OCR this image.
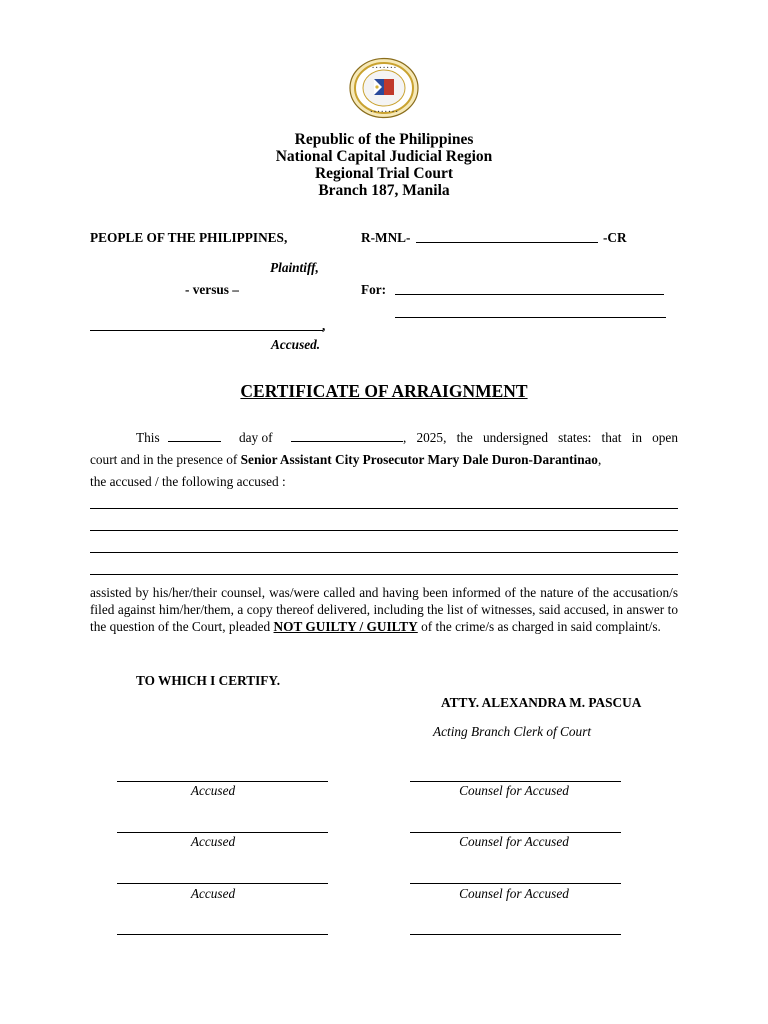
• • • • • • •
• • • • • • • •
Republic of the Philippines
National Capital Judicial Region
Regional Trial Court
Branch 187, Manila
PEOPLE OF THE PHILIPPINES,
Plaintiff,
- versus –
,
Accused.
R-MNL-	-CR
For:
CERTIFICATE OF ARRAIGNMENT
This	day of	, 2025, the undersigned states: that in open
court and in the presence of Senior Assistant City Prosecutor Mary Dale Duron-Darantinao,
the accused / the following accused :
assisted by his/her/their counsel, was/were called and having been informed of the nature of the accusation/s filed against him/her/them, a copy thereof delivered, including the list of witnesses, said accused, in answer to the question of the Court, pleaded NOT GUILTY / GUILTY of the crime/s as charged in said complaint/s.
TO WHICH I CERTIFY.
ATTY. ALEXANDRA M. PASCUA
Acting Branch Clerk of Court
Accused	Counsel for Accused
Accused	Counsel for Accused
Accused	Counsel for Accused
